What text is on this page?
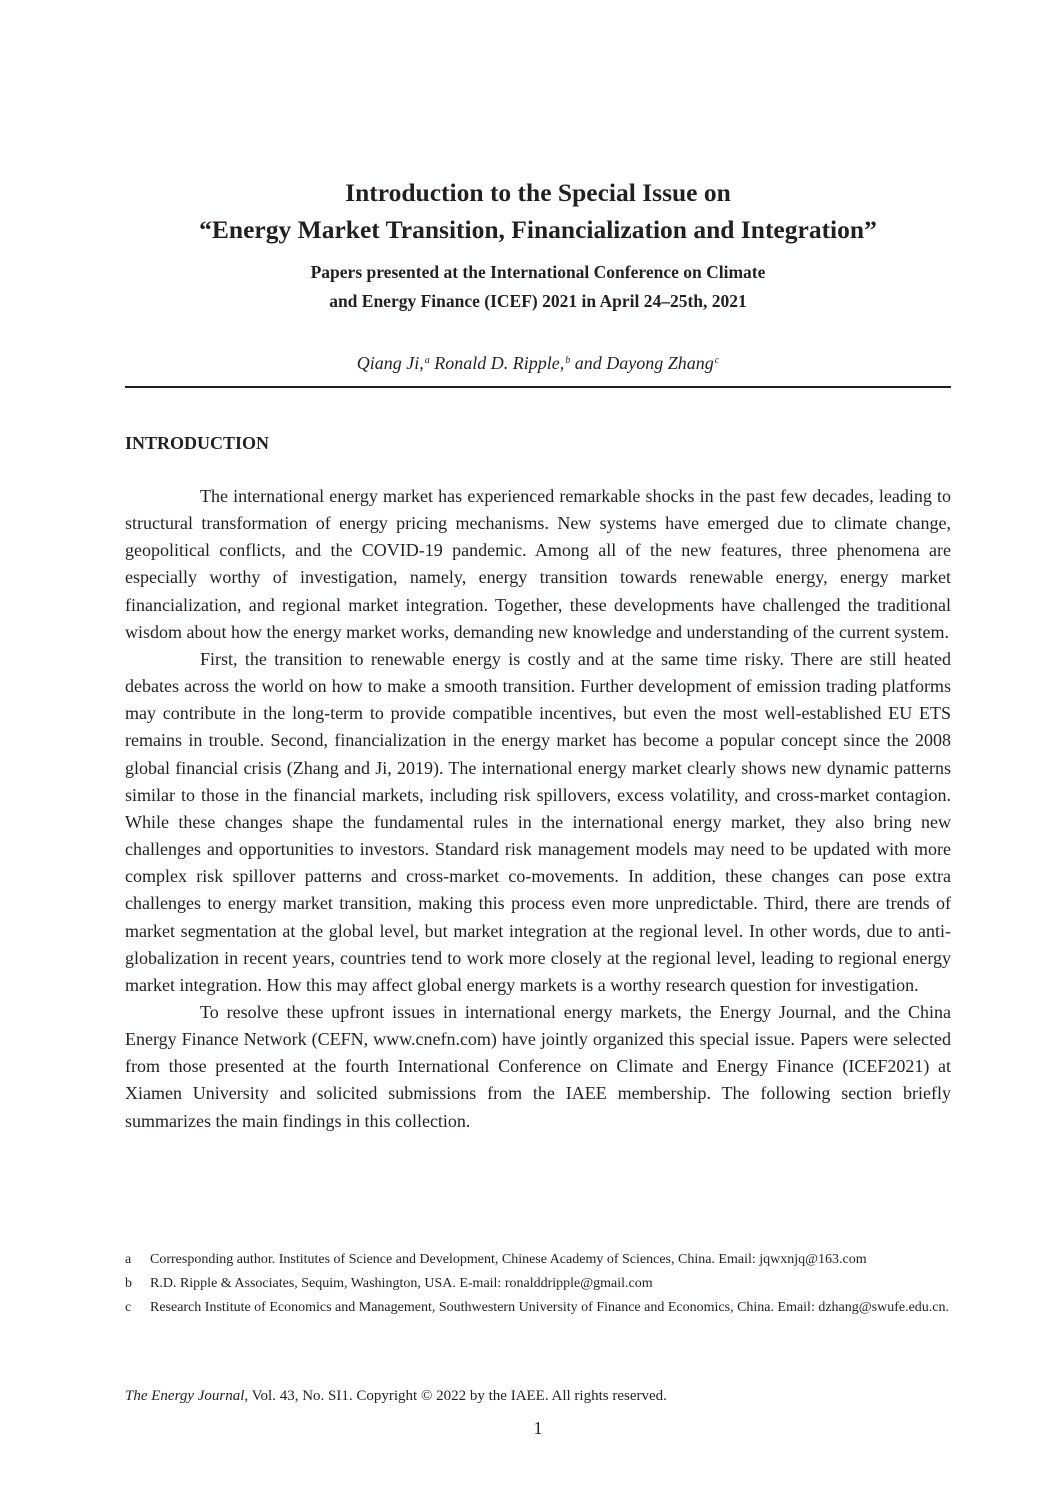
Introduction to the Special Issue on
“Energy Market Transition, Financialization and Integration”
Papers presented at the International Conference on Climate
and Energy Finance (ICEF) 2021 in April 24–25th, 2021
Qiang Ji,$^a$ Ronald D. Ripple,$^b$ and Dayong Zhang$^c$
INTRODUCTION

The international energy market has experienced remarkable shocks in the past few decades, leading to structural transformation of energy pricing mechanisms. New systems have emerged due to climate change, geopolitical conflicts, and the COVID-19 pandemic. Among all of the new features, three phenomena are especially worthy of investigation, namely, energy transition towards renewable energy, energy market financialization, and regional market integration. Together, these developments have challenged the traditional wisdom about how the energy market works, demanding new knowledge and understanding of the current system.

First, the transition to renewable energy is costly and at the same time risky. There are still heated debates across the world on how to make a smooth transition. Further development of emission trading platforms may contribute in the long-term to provide compatible incentives, but even the most well-established EU ETS remains in trouble. Second, financialization in the energy market has become a popular concept since the 2008 global financial crisis (Zhang and Ji, 2019). The international energy market clearly shows new dynamic patterns similar to those in the financial markets, including risk spillovers, excess volatility, and cross-market contagion. While these changes shape the fundamental rules in the international energy market, they also bring new challenges and opportunities to investors. Standard risk management models may need to be updated with more complex risk spillover patterns and cross-market co-movements. In addition, these changes can pose extra challenges to energy market transition, making this process even more unpredictable. Third, there are trends of market segmentation at the global level, but market integration at the regional level. In other words, due to anti-globalization in recent years, countries tend to work more closely at the regional level, leading to regional energy market integration. How this may affect global energy markets is a worthy research question for investigation.

To resolve these upfront issues in international energy markets, the Energy Journal, and the China Energy Finance Network (CEFN, www.cnefn.com) have jointly organized this special issue. Papers were selected from those presented at the fourth International Conference on Climate and Energy Finance (ICEF2021) at Xiamen University and solicited submissions from the IAEE membership. The following section briefly summarizes the main findings in this collection.

a	Corresponding author. Institutes of Science and Development, Chinese Academy of Sciences, China. Email: jqwxnjq@163.com
b	R.D. Ripple & Associates, Sequim, Washington, USA. E-mail: ronalddripple@gmail.com
c	Research Institute of Economics and Management, Southwestern University of Finance and Economics, China. Email: dzhang@swufe.edu.cn.
The Energy Journal, Vol. 43, No. SI1. Copyright © 2022 by the IAEE. All rights reserved.
1
